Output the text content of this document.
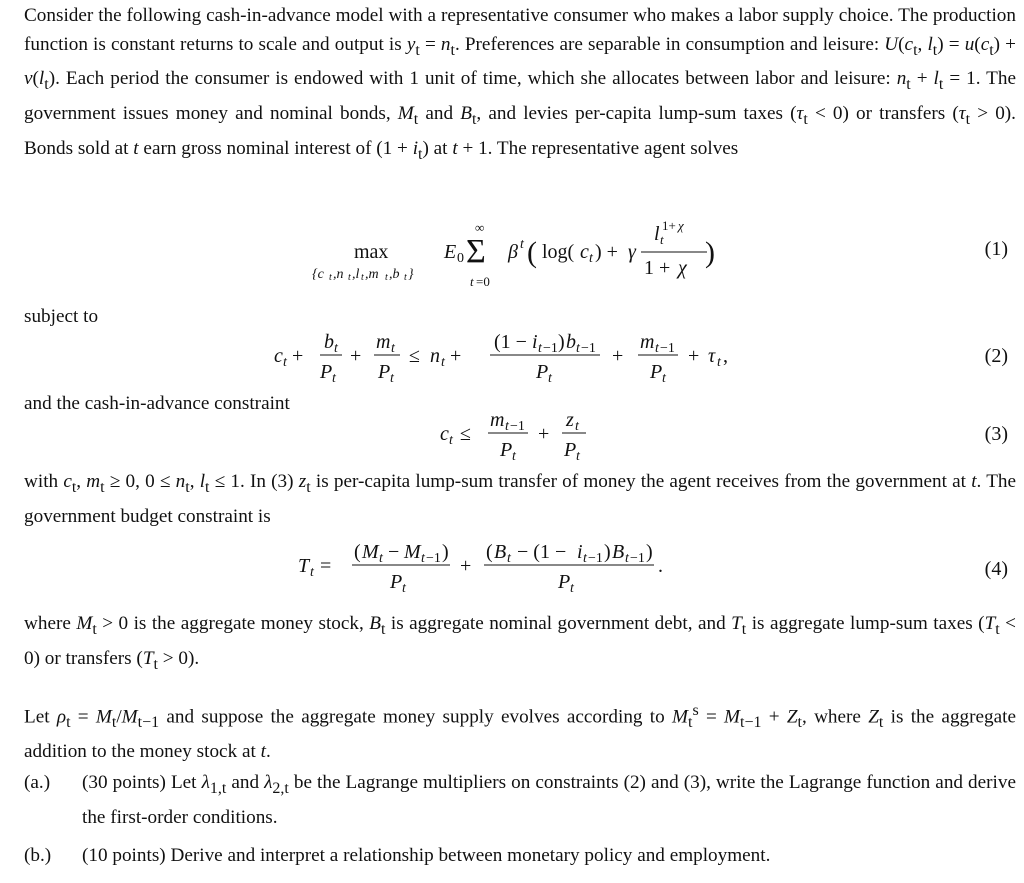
Consider the following cash-in-advance model with a representative consumer who makes a labor supply choice. The production function is constant returns to scale and output is $y_t = n_t$. Preferences are separable in consumption and leisure: $U(c_t$, $l_t) = u(c_t) + v(l_t)$. Each period the consumer is endowed with 1 unit of time, which she allocates between labor and leisure: $n_t + l_t = 1$. The government issues money and nominal bonds, $M_t$ and $B_t$, and levies per-capita lump-sum taxes $(\tau_t < 0)$ or transfers $(\tau_t > 0)$. Bonds sold at t earn gross nominal interest of $(1 + i_t)$ at t + 1. The representative agent solves
max
{c t ,n t ,l t ,m t ,b t }
E 0 Σ
∞
t =0
β t ( log( c t ) + γ
l t
1+ χ
1 + χ )	(1)
subject to
c t +
b t
P t
+
m t
P t
≤ n t +
(1 − i t −1 ) b t −1
P t
+
m t −1
P t
+ τ t ,	(2)
and the cash-in-advance constraint
c t ≤
m t −1
P t
+
z t
P t
(3)
with $c_t$, $m_t \ge 0$, $0 \le n_t$, $l_t \le 1$. In (3) $z_t$ is per-capita lump-sum transfer of money the agent receives from the government at t. The government budget constraint is
T t =
( M t − M t −1 )
P t
+
( B t − (1 − i t −1 ) B t −1 )
P t
.	(4)
where $M_t > 0$ is the aggregate money stock, $B_t$ is aggregate nominal government debt, and $T_t$ is aggregate lump-sum taxes $(T_t < 0)$ or transfers $(T_t > 0)$.
Let $\rho_t = M_t/M_{t-1}$ and suppose the aggregate money supply evolves according to $M_t^s = M_{t-1} + Z_t$, where $Z_t$ is the aggregate addition to the money stock at t.
(a.) (30 points) Let $\lambda_{1,t}$ and $\lambda_{2,t}$ be the Lagrange multipliers on constraints (2) and (3), write the Lagrange function and derive the first-order conditions.
(b.) (10 points) Derive and interpret a relationship between monetary policy and employment.
